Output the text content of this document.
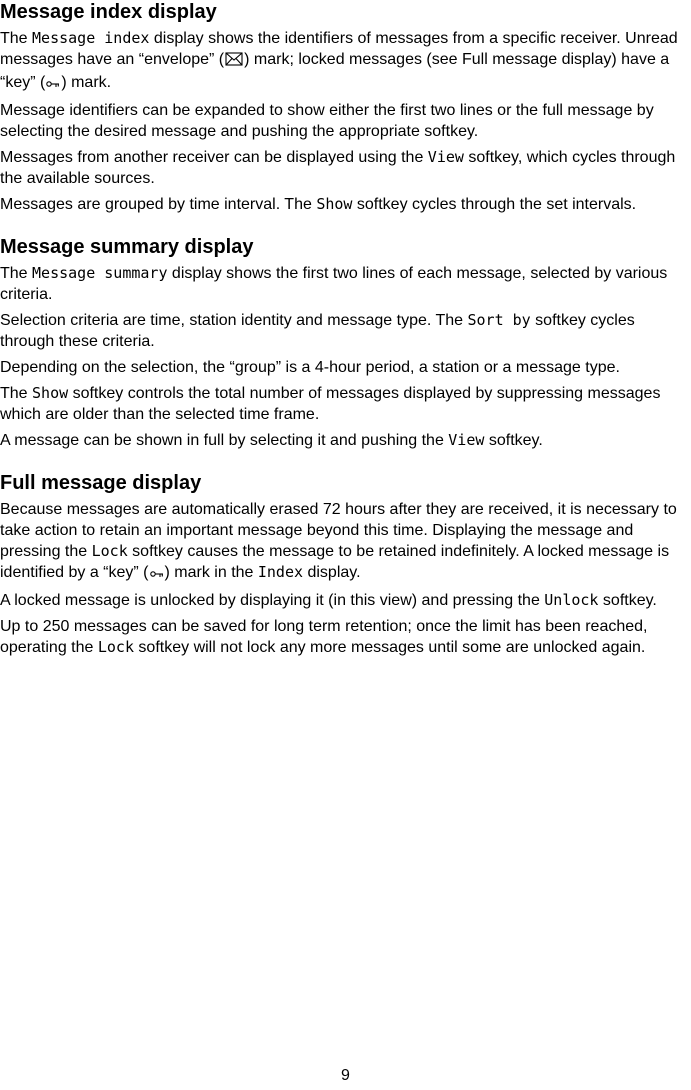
Message index display

The Message index display shows the identifiers of messages from a specific receiver. Unread messages have an “envelope” ( ) mark; locked messages (see Full message display) have a “key” ( ) mark.

Message identifiers can be expanded to show either the first two lines or the full message by selecting the desired message and pushing the appropriate softkey.

Messages from another receiver can be displayed using the View softkey, which cycles through the available sources.

Messages are grouped by time interval. The Show softkey cycles through the set intervals.

Message summary display

The Message summary display shows the first two lines of each message, selected by various criteria.

Selection criteria are time, station identity and message type. The Sort by softkey cycles through these criteria.

Depending on the selection, the “group” is a 4-hour period, a station or a message type.

The Show softkey controls the total number of messages displayed by suppressing messages which are older than the selected time frame.

A message can be shown in full by selecting it and pushing the View softkey.

Full message display

Because messages are automatically erased 72 hours after they are received, it is necessary to take action to retain an important message beyond this time. Displaying the message and pressing the Lock softkey causes the message to be retained indefinitely. A locked message is identified by a “key” ( ) mark in the Index display.

A locked message is unlocked by displaying it (in this view) and pressing the Unlock softkey.

Up to 250 messages can be saved for long term retention; once the limit has been reached, operating the Lock softkey will not lock any more messages until some are unlocked again.

9
